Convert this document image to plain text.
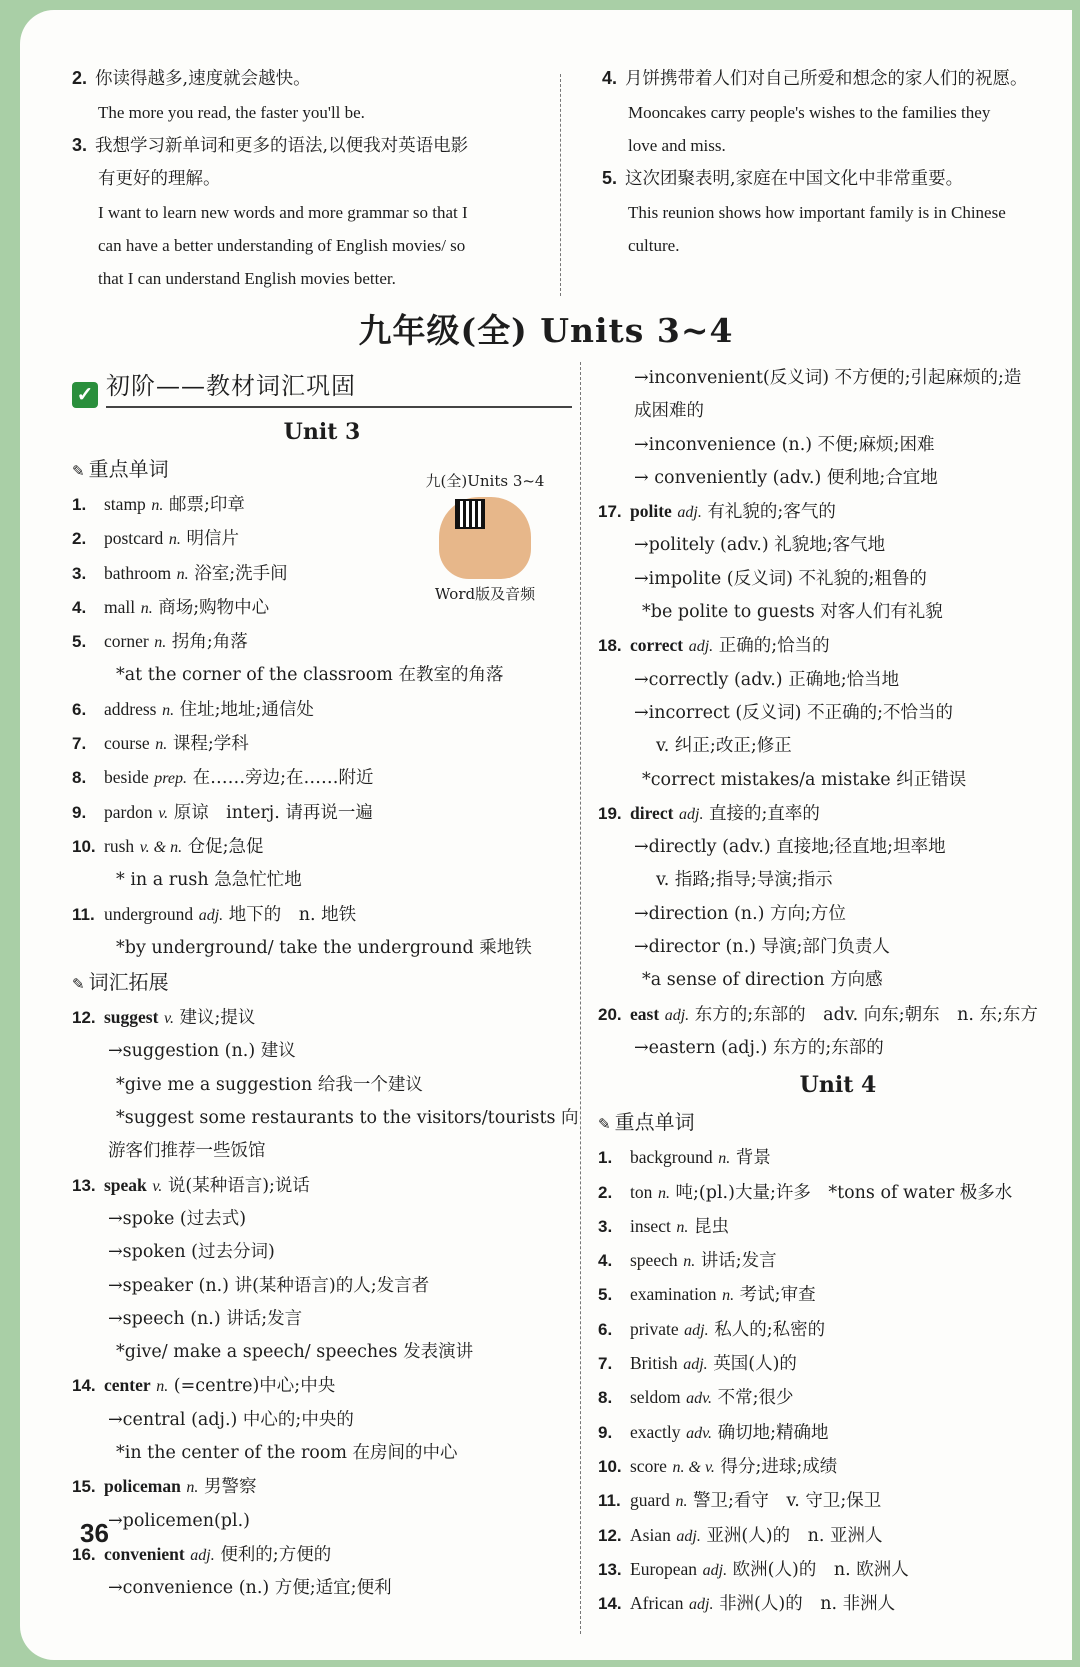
2. 你读得越多,速度就会越快。
The more you read, the faster you'll be.
3. 我想学习新单词和更多的语法,以便我对英语电影
有更好的理解。
I want to learn new words and more grammar so that I
can have a better understanding of English movies/ so
that I can understand English movies better.
4. 月饼携带着人们对自己所爱和想念的家人们的祝愿。
Mooncakes carry people's wishes to the families they
love and miss.
5. 这次团聚表明,家庭在中国文化中非常重要。
This reunion shows how important family is in Chinese
culture.
九年级(全) Units 3~4
✓ 初阶——教材词汇巩固
Unit 3
✎ 重点单词
1. stamp n. 邮票;印章
2. postcard n. 明信片
3. bathroom n. 浴室;洗手间
4. mall n. 商场;购物中心
5. corner n. 拐角;角落
*at the corner of the classroom 在教室的角落
6. address n. 住址;地址;通信处
7. course n. 课程;学科
8. beside prep. 在……旁边;在……附近
9. pardon v. 原谅　interj. 请再说一遍
10. rush v. & n. 仓促;急促
* in a rush 急急忙忙地
11. underground adj. 地下的　n. 地铁
*by underground/ take the underground 乘地铁
✎ 词汇拓展
12. suggest v. 建议;提议
→suggestion (n.) 建议
*give me a suggestion 给我一个建议
*suggest some restaurants to the visitors/tourists 向
游客们推荐一些饭馆
13. speak v. 说(某种语言);说话
→spoke (过去式)
→spoken (过去分词)
→speaker (n.) 讲(某种语言)的人;发言者
→speech (n.) 讲话;发言
*give/ make a speech/ speeches 发表演讲
14. center n. (=centre)中心;中央
→central (adj.) 中心的;中央的
*in the center of the room 在房间的中心
15. policeman n. 男警察
→policemen(pl.)
16. convenient adj. 便利的;方便的
→convenience (n.) 方便;适宜;便利
九(全)Units 3~4
Word版及音频
→inconvenient(反义词) 不方便的;引起麻烦的;造
成困难的
→inconvenience (n.) 不便;麻烦;困难
→ conveniently (adv.) 便利地;合宜地
17. polite adj. 有礼貌的;客气的
→politely (adv.) 礼貌地;客气地
→impolite (反义词) 不礼貌的;粗鲁的
*be polite to guests 对客人们有礼貌
18. correct adj. 正确的;恰当的
→correctly (adv.) 正确地;恰当地
→incorrect (反义词) 不正确的;不恰当的
v. 纠正;改正;修正
*correct mistakes/a mistake 纠正错误
19. direct adj. 直接的;直率的
→directly (adv.) 直接地;径直地;坦率地
v. 指路;指导;导演;指示
→direction (n.) 方向;方位
→director (n.) 导演;部门负责人
*a sense of direction 方向感
20. east adj. 东方的;东部的　adv. 向东;朝东　n. 东;东方
→eastern (adj.) 东方的;东部的
Unit 4
✎ 重点单词
1. background n. 背景
2. ton n. 吨;(pl.)大量;许多　*tons of water 极多水
3. insect n. 昆虫
4. speech n. 讲话;发言
5. examination n. 考试;审查
6. private adj. 私人的;私密的
7. British adj. 英国(人)的
8. seldom adv. 不常;很少
9. exactly adv. 确切地;精确地
10. score n. & v. 得分;进球;成绩
11. guard n. 警卫;看守　v. 守卫;保卫
12. Asian adj. 亚洲(人)的　n. 亚洲人
13. European adj. 欧洲(人)的　n. 欧洲人
14. African adj. 非洲(人)的　n. 非洲人
36
